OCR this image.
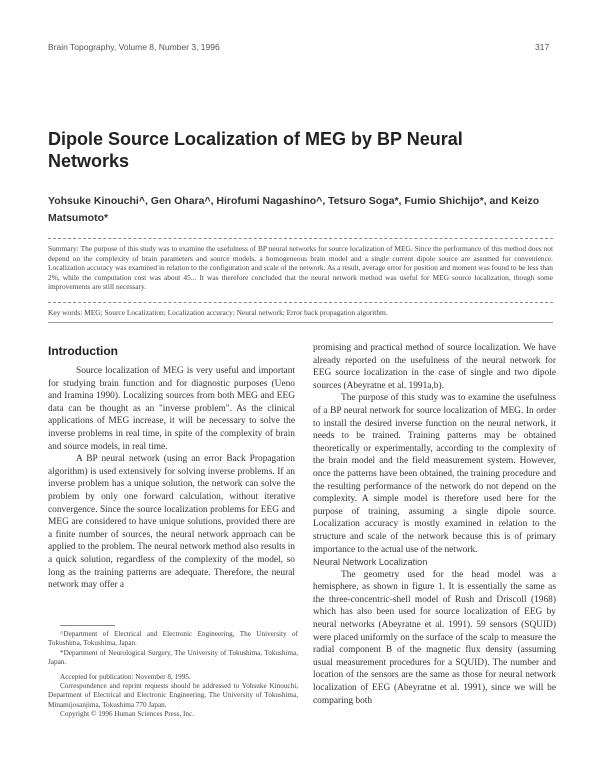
Brain Topography, Volume 8, Number 3, 1996	317
Dipole Source Localization of MEG by BP Neural Networks
Yohsuke Kinouchi^, Gen Ohara^, Hirofumi Nagashino^, Tetsuro Soga*, Fumio Shichijo*, and Keizo Matsumoto*
Summary: The purpose of this study was to examine the usefulness of BP neural networks for source localization of MEG. Since the performance of this method does not depend on the complexity of brain parameters and source models, a homogeneous brain model and a single current dipole source are assumed for convenience. Localization accuracy was examined in relation to the configuration and scale of the network. As a result, average error for position and moment was found to be less than 2%, while the computation cost was about 45... It was therefore concluded that the neural network method was useful for MEG source localization, though some improvements are still necessary.
Key words: MEG; Source Localization; Localization accuracy; Neural network; Error back propagation algorithm.
Introduction

Source localization of MEG is very useful and important for studying brain function and for diagnostic purposes (Ueno and Iramina 1990). Localizing sources from both MEG and EEG data can be thought as an "inverse problem". As the clinical applications of MEG increase, it will be necessary to solve the inverse problems in real time, in spite of the complexity of brain and source models, in real time.

A BP neural network (using an error Back Propagation algorithm) is used extensively for solving inverse problems. If an inverse problem has a unique solution, the network can solve the problem by only one forward calculation, without iterative convergence. Since the source localization problems for EEG and MEG are considered to have unique solutions, provided there are a finite number of sources, the neural network approach can be applied to the problem. The neural network method also results in a quick solution, regardless of the complexity of the model, so long as the training patterns are adequate. Therefore, the neural network may offer a

promising and practical method of source localization. We have already reported on the usefulness of the neural network for EEG source localization in the case of single and two dipole sources (Abeyratne et al. 1991a,b).

The purpose of this study was to examine the usefulness of a BP neural network for source localization of MEG. In order to install the desired inverse function on the neural network, it needs to be trained. Training patterns may be obtained theoretically or experimentally, according to the complexity of the brain model and the field measurement system. However, once the patterns have been obtained, the training procedure and the resulting performance of the network do not depend on the complexity. A simple model is therefore used here for the purpose of training, assuming a single dipole source. Localization accuracy is mostly examined in relation to the structure and scale of the network because this is of primary importance to the actual use of the network.

Neural Network Localization

The geometry used for the head model was a hemisphere, as shown in figure 1. It is essentially the same as the three-concentric-shell model of Rush and Driscoll (1968) which has also been used for source localization of EEG by neural networks (Abeyratne et al. 1991). 59 sensors (SQUID) were placed uniformly on the surface of the scalp to measure the radial component B of the magnetic flux density (assuming usual measurement procedures for a SQUID). The number and location of the sensors are the same as those for neural network localization of EEG (Abeyratne et al. 1991), since we will be comparing both

^Department of Electrical and Electronic Engineering, The University of Tokushima, Tokushima, Japan.

*Department of Neurological Surgery, The University of Tokushima, Tokushima, Japan.

Accepted for publication: November 8, 1995.

Correspondence and reprint requests should be addressed to Yohsuke Kinouchi, Department of Electrical and Electronic Engineering, The University of Tokushima, Minamijosanjima, Tokushima 770 Japan.

Copyright © 1996 Human Sciences Press, Inc.
